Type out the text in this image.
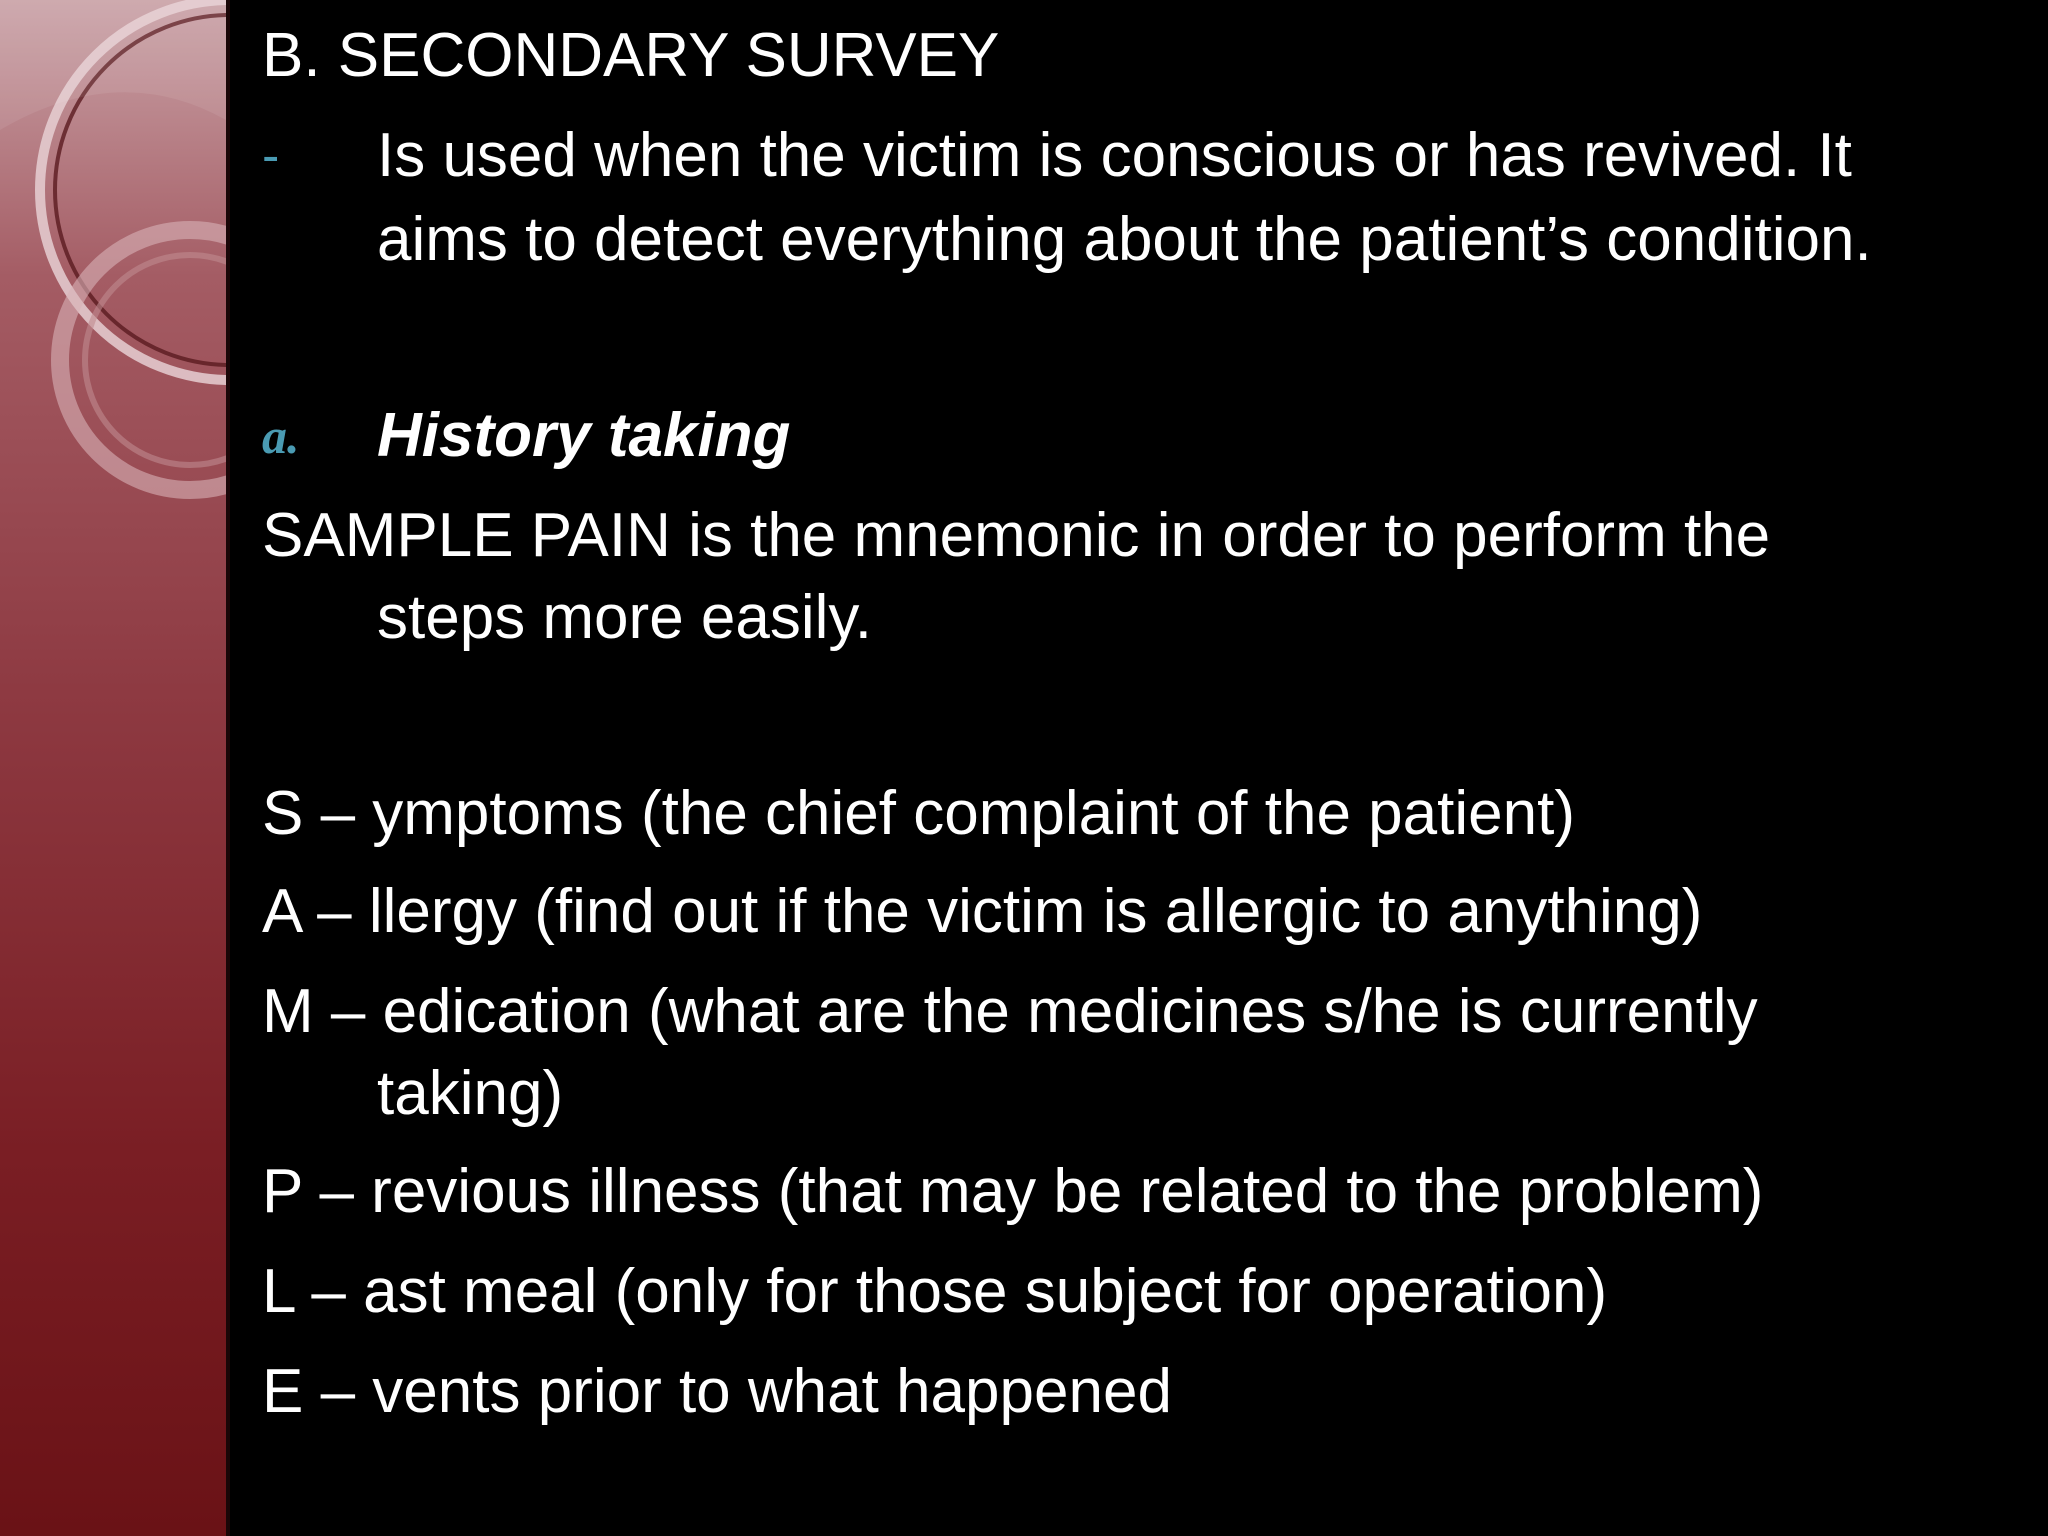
B. SECONDARY SURVEY
- Is used when the victim is conscious or has revived. It
aims to detect everything about the patient’s condition.
a. History taking
SAMPLE PAIN is the mnemonic in order to perform the
steps more easily.
S – ymptoms (the chief complaint of the patient)
A – llergy (find out if the victim is allergic to anything)
M – edication (what are the medicines s/he is currently
taking)
P – revious illness (that may be related to the problem)
L – ast meal (only for those subject for operation)
E – vents prior to what happened
